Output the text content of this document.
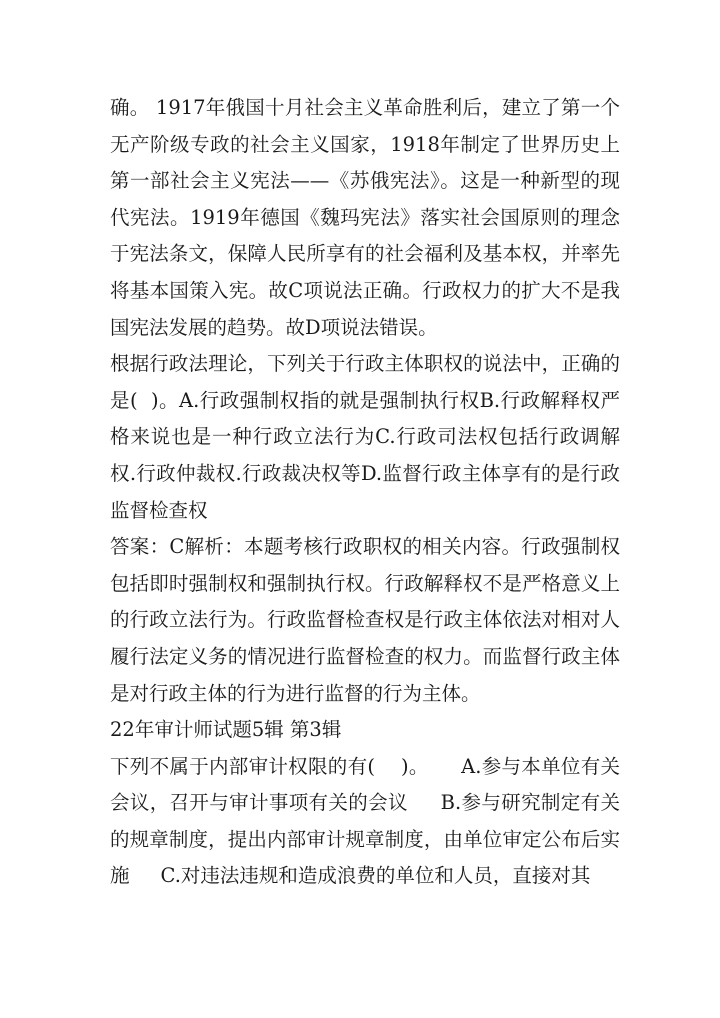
确。 1917年俄国十月社会主义革命胜利后，建立了第一个无产阶级专政的社会主义国家，1918年制定了世界历史上第一部社会主义宪法——《苏俄宪法》。这是一种新型的现代宪法。1919年德国《魏玛宪法》落实社会国原则的理念于宪法条文，保障人民所享有的社会福利及基本权，并率先将基本国策入宪。故C项说法正确。行政权力的扩大不是我国宪法发展的趋势。故D项说法错误。

根据行政法理论，下列关于行政主体职权的说法中，正确的是(  )。A.行政强制权指的就是强制执行权B.行政解释权严格来说也是一种行政立法行为C.行政司法权包括行政调解权.行政仲裁权.行政裁决权等D.监督行政主体享有的是行政监督检查权

答案：C解析：本题考核行政职权的相关内容。行政强制权包括即时强制权和强制执行权。行政解释权不是严格意义上的行政立法行为。行政监督检查权是行政主体依法对相对人履行法定义务的情况进行监督检查的权力。而监督行政主体是对行政主体的行为进行监督的行为主体。

22年审计师试题5辑 第3辑

下列不属于内部审计权限的有(    )。     A.参与本单位有关会议，召开与审计事项有关的会议     B.参与研究制定有关的规章制度，提出内部审计规章制度，由单位审定公布后实施     C.对违法违规和造成浪费的单位和人员，直接对其
